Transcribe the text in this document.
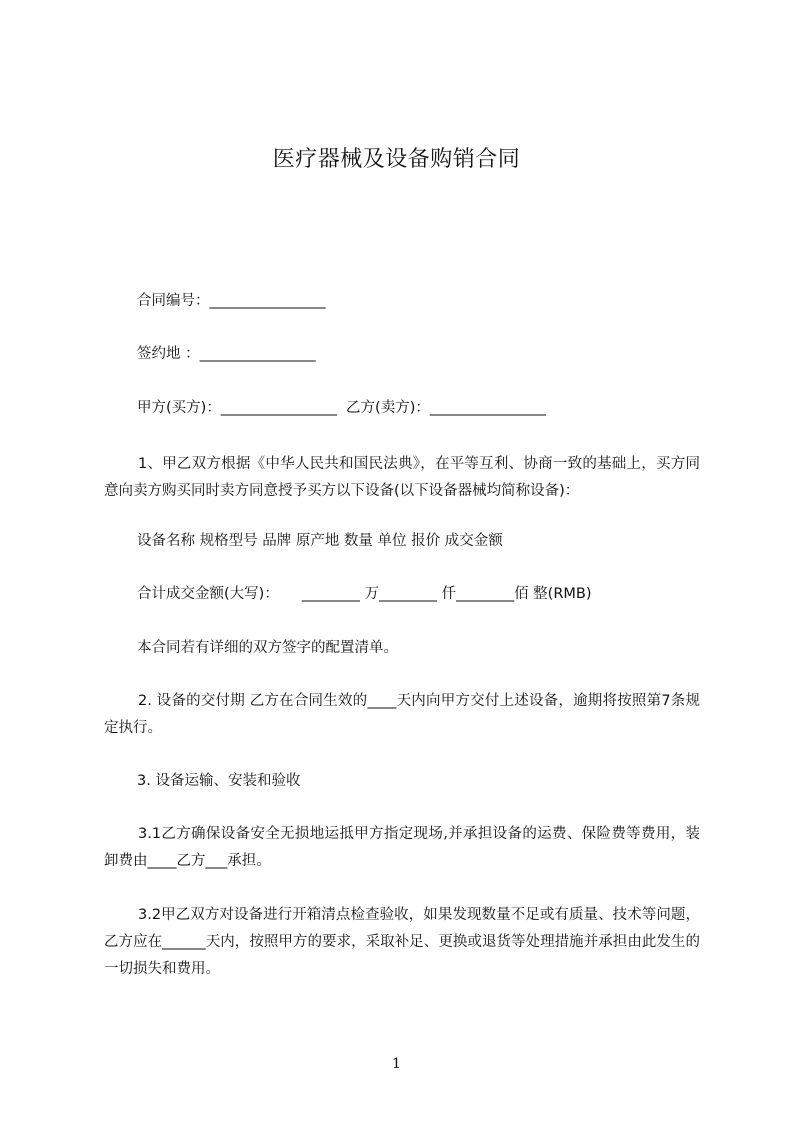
医疗器械及设备购销合同
合同编号：________________
签约地 ：________________
甲方(买方)：________________  乙方(卖方)：________________
1、甲乙双方根据《中华人民共和国民法典》，在平等互利、协商一致的基础上，买方同意向卖方购买同时卖方同意授予买方以下设备(以下设备器械均简称设备)：
设备名称 规格型号 品牌 原产地 数量 单位 报价 成交金额
合计成交金额(大写)：     ________ 万________ 仟________佰 整(RMB)
本合同若有详细的双方签字的配置清单。
2. 设备的交付期 乙方在合同生效的____天内向甲方交付上述设备，逾期将按照第7条规定执行。
3. 设备运输、安装和验收
3.1乙方确保设备安全无损地运抵甲方指定现场,并承担设备的运费、保险费等费用，装卸费由____乙方___承担。
3.2甲乙双方对设备进行开箱清点检查验收，如果发现数量不足或有质量、技术等问题，乙方应在______天内，按照甲方的要求，采取补足、更换或退货等处理措施并承担由此发生的一切损失和费用。
1
